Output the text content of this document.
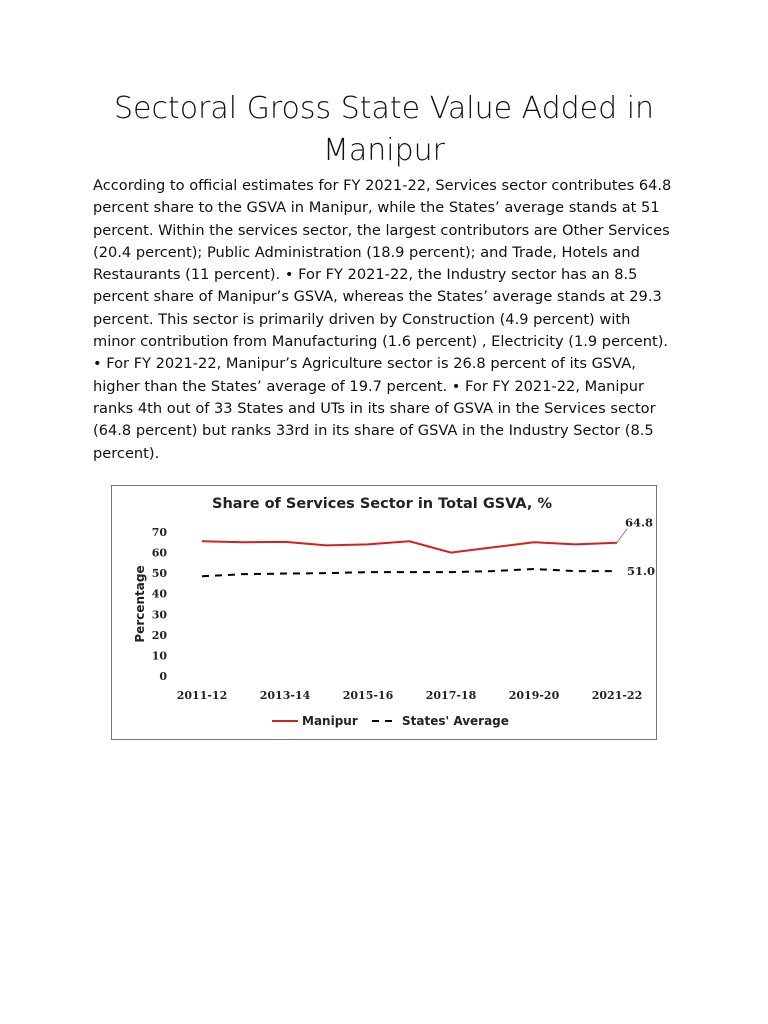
Sectoral Gross State Value Added in Manipur

According to official estimates for FY 2021-22, Services sector contributes 64.8 percent share to the GSVA in Manipur, while the States’ average stands at 51 percent. Within the services sector, the largest contributors are Other Services (20.4 percent); Public Administration (18.9 percent); and Trade, Hotels and Restaurants (11 percent). • For FY 2021-22, the Industry sector has an 8.5 percent share of Manipur’s GSVA, whereas the States’ average stands at 29.3 percent. This sector is primarily driven by Construction (4.9 percent) with minor contribution from Manufacturing (1.6 percent) , Electricity (1.9 percent). • For FY 2021-22, Manipur’s Agriculture sector is 26.8 percent of its GSVA, higher than the States’ average of 19.7 percent. • For FY 2021-22, Manipur ranks 4th out of 33 States and UTs in its share of GSVA in the Services sector (64.8 percent) but ranks 33rd in its share of GSVA in the Industry Sector (8.5 percent).

Share of Services Sector in Total GSVA, %
Percentage
0
10
20
30
40
50
60
70
2011-12	2013-14	2015-16	2017-18	2019-20	2021-22
64.8
51.0
Manipur	States' Average
